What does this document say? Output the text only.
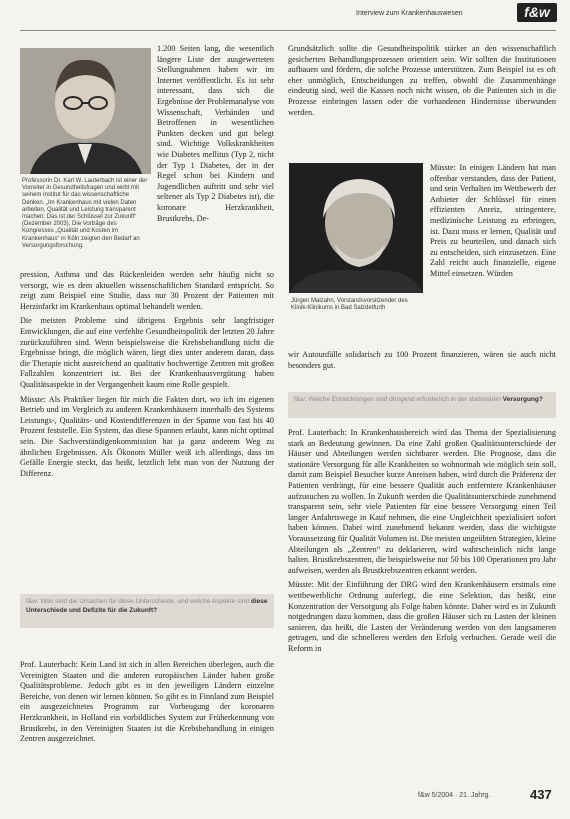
Interview zum Krankenhauswesen	f&w

Professorin Dr. Karl W. Lauterbach ist einer der Vorreiter in Gesundheitsfragen und wirbt mit seinem Institut für das wissenschaftliche Denken. „Im Krankenhaus mit vielen Daten arbeiten, Qualität und Leistung transparent machen: Das ist der Schlüssel zur Zukunft“ (Dezember 2003). Die Vorträge des Kongresses „Qualität und Kosten im Krankenhaus“ in Köln zeigten den Bedarf an Versorgungsforschung.

Jürgen Malzahn, Vorstandsvorsitzender des Klinik-Klinikums in Bad Salzdetfurth

1.200 Seiten lang, die wesentlich längere Liste der ausgewerteten Stellungnahmen haben wir im Internet veröffentlicht. Es ist sehr interessant, dass sich die Ergebnisse der Problemanalyse von Wissenschaft, Verbänden und Betroffenen in wesentlichen Punkten decken und gut belegt sind. Wichtige Volkskrankheiten wie Diabetes mellitus (Typ 2, nicht der Typ 1 Diabetes, der in der Regel schon bei Kindern und Jugendlichen auftritt und sehr viel seltener als Typ 2 Diabetes ist), die koronare Herzkrankheit, Brustkrebs, De-

pression, Asthma und das Rückenleiden werden sehr häufig nicht so versorgt, wie es dem aktuellen wissenschaftlichen Standard entspricht. So zeigt zum Beispiel eine Studie, dass nur 30 Prozent der Patienten mit Herzinfarkt im Krankenhaus optimal behandelt werden.

Die meisten Probleme sind übrigens Ergebnis sehr langfristiger Entwicklungen, die auf eine verfehlte Gesundheitspolitik der letzten 20 Jahre zurückzuführen sind. Wenn beispielsweise die Krebsbehandlung nicht die Ergebnisse bringt, die möglich wären, liegt dies unter anderem daran, dass die Therapie nicht ausreichend an qualitativ hochwertige Zentren mit großen Fallzahlen konzentriert ist. Bei der Krankenhausvergütung haben Qualitätsaspekte in der Vergangenheit kaum eine Rolle gespielt.

Müsste: Als Praktiker liegen für mich die Fakten dort, wo ich im eigenen Betrieb und im Vergleich zu anderen Krankenhäusern innerhalb des Systems Leistungs-, Qualitäts- und Kostendifferenzen in der Spanne von fast bis 40 Prozent feststelle. Ein System, das diese Spannen erlaubt, kann nicht optimal sein. Die Sachverständigenkommission hat ja ganz anderem Weg zu ähnlichen Ergebnissen. Als Ökonom Müller weiß ich allerdings, dass im Gefälle Energie steckt, das heißt, letztlich lebt man von der Nutzung der Differenz.

f&w: Was sind die Ursachen für diese Unterschiede, und welche Aspekte sind diese Unterschiede und Defizite für die Zukunft?

Prof. Lauterbach: Kein Land ist sich in allen Bereichen überlegen, auch die Vereinigten Staaten und die anderen europäischen Länder haben große Qualitätsprobleme. Jedoch gibt es in den jeweiligen Ländern einzelne Bereiche, von denen wir lernen können. So gibt es in Finnland zum Beispiel ein ausgezeichnetes Programm zur Vorbeugung der koronaren Herzkrankheit, in Holland ein vorbildliches System zur Früherkennung von Brustkrebs, in den Vereinigten Staaten ist die Krebsbehandlung in einigen Zentren ausgezeichnet.

Grundsätzlich sollte die Gesundheitspolitik stärker an den wissenschaftlich gesicherten Behandlungsprozessen orientiert sein. Wir sollten die Institutionen aufbauen und fördern, die solche Prozesse unterstützen. Zum Beispiel ist es oft eher unmöglich, Entscheidungen zu treffen, obwohl die Zusammenhänge eindeutig sind, weil die Kassen noch nicht wissen, ob die Patienten sich in die Prozesse einbringen lassen oder die vorhandenen Hindernisse überwunden werden.

Müsste: In einigen Ländern hat man offenbar verstanden, dass der Patient, und sein Verhalten im Wettbewerb der Anbieter der Schlüssel für einen effizienten Anreiz, stringentere, medizinische Leistung zu erbringen, ist. Dazu muss er lernen, Qualität und Preis zu beurteilen, und danach sich zu entscheiden, sich einzusetzen. Eine Zahl reicht auch finanzielle, eigene Mittel einsetzen. Würden

wir Autounfälle solidarisch zu 100 Prozent finanzieren, wären sie auch nicht besonders gut.

f&w: Welche Entwicklungen sind dringend erforderlich in der stationären Versorgung?

Prof. Lauterbach: In Krankenhausbereich wird das Thema der Spezialisierung stark an Bedeutung gewinnen. Da eine Zahl großen Qualitätsunterschiede der Häuser und Abteilungen werden sichtbarer werden. Die Prognose, dass die stationäre Versorgung für alle Krankheiten so wohnortnah wie möglich sein soll, damit zum Beispiel Besucher kurze Anreisen haben, wird durch die Präferenz der Patienten verdrängt, für eine bessere Qualität auch entferntere Krankenhäuser aufzusuchen zu wollen. In Zukunft werden die Qualitätsunterschiede zunehmend transparent sein, sehr viele Patienten für eine bessere Versorgung einen Teil langer Anfahrtswege in Kauf nehmen, die eine Ungleichheit spezialisiert sofort haben können. Dabei wird zunehmend bekannt werden, dass die wichtigste Voraussetzung für Qualität Volumen ist. Die meisten ungeübten Strategien, kleine Abteilungen als „Zentren“ zu deklarieren, wird wahrscheinlich nicht lange halten. Brustkrebszentren, die beispielsweise nur 50 bis 100 Operationen pro Jahr aufweisen, werden als Brustkrebszentren erkannt werden.

Müsste: Mit der Einführung der DRG wird den Krankenhäusern erstmals eine wettbewerbliche Ordnung auferlegt, die eine Selektion, das heißt, eine Konzentration der Versorgung als Folge haben könnte. Daher wird es in Zukunft notgedrungen dazu kommen, dass die großen Häuser sich zu Lasten der kleinen sanieren, das heißt, die Lasten der Veränderung werden von den langsameren getragen, und die schnelleren werden den Erfolg verbuchen. Gerade weil die Reform in

f&w 5/2004 · 21. Jahrg.	437
